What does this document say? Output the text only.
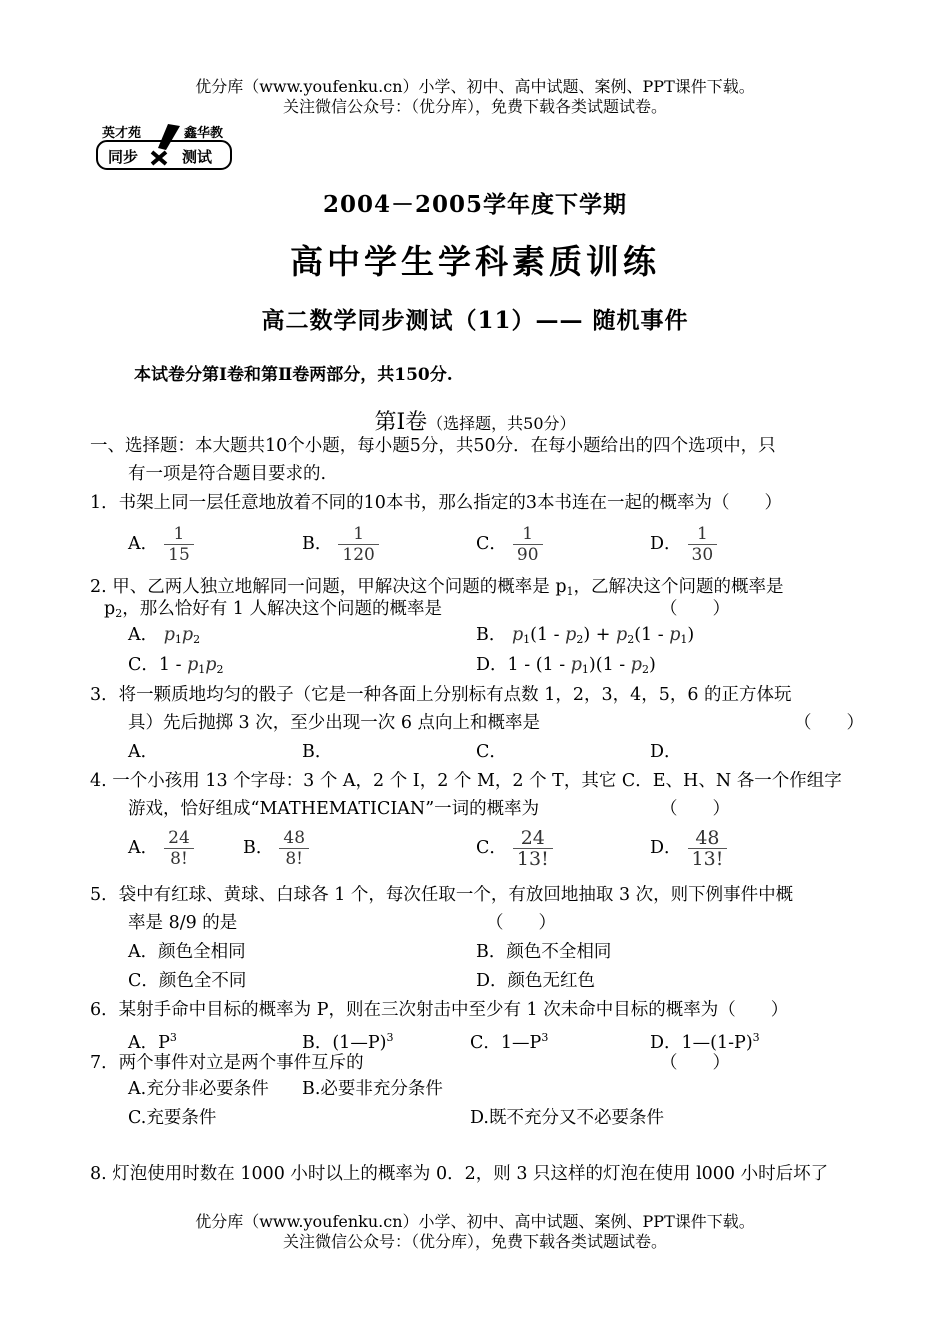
优分库（www.youfenku.cn）小学、初中、高中试题、案例、PPT课件下载。
关注微信公众号：（优分库），免费下载各类试题试卷。
英才苑	鑫华教
同步	测试
2004－2005学年度下学期
高中学生学科素质训练
高二数学同步测试（11）—— 随机事件
本试卷分第Ⅰ卷和第Ⅱ卷两部分，共150分.
第Ⅰ卷（选择题，共50分）
一、选择题：本大题共10个小题，每小题5分，共50分．在每小题给出的四个选项中，只
有一项是符合题目要求的.
1．书架上同一层任意地放着不同的10本书，那么指定的3本书连在一起的概率为（　　）
A． $\frac{1}{15}$	B． $\frac{1}{120}$	C． $\frac{1}{90}$	D． $\frac{1}{30}$
2. 甲、乙两人独立地解同一问题，甲解决这个问题的概率是 $p_1$，乙解决这个问题的概率是
$p_2$，那么恰好有 1 人解决这个问题的概率是	（　　）
A． $p_1p_2$	B． $p_1(1 - p_2) + p_2(1 - p_1)$
C．$1 - p_1p_2$	D．$1 - (1 - p_1)(1 - p_2)$
3．将一颗质地均匀的骰子（它是一种各面上分别标有点数 1，2，3，4，5，6 的正方体玩
具）先后抛掷 3 次，至少出现一次 6 点向上和概率是	（　　）
A．	B．	C．	D．
4. 一个小孩用 13 个字母：3 个 A，2 个 I，2 个 M，2 个 T，其它 C．E、H、N 各一个作组字
游戏，恰好组成“MATHEMATICIAN”一词的概率为	（　　）
A． $\frac{24}{8!}$	B． $\frac{48}{8!}$	C． $\frac{24}{13!}$	D． $\frac{48}{13!}$
5．袋中有红球、黄球、白球各 1 个，每次任取一个，有放回地抽取 3 次，则下例事件中概
率是 8/9 的是	（　　）
A．颜色全相同	B．颜色不全相同
C．颜色全不同	D．颜色无红色
6．某射手命中目标的概率为 P，则在三次射击中至少有 1 次未命中目标的概率为（　　）
A．$P^3$	B．(1—P)$^3$	C．$1—P^3$	D．$1—(1-P)^3$
7．两个事件对立是两个事件互斥的	（　　）
A.充分非必要条件 B.必要非充分条件
C.充要条件	D.既不充分又不必要条件
8. 灯泡使用时数在 1000 小时以上的概率为 0．2，则 3 只这样的灯泡在使用 l000 小时后坏了
优分库（www.youfenku.cn）小学、初中、高中试题、案例、PPT课件下载。
关注微信公众号：（优分库），免费下载各类试题试卷。
